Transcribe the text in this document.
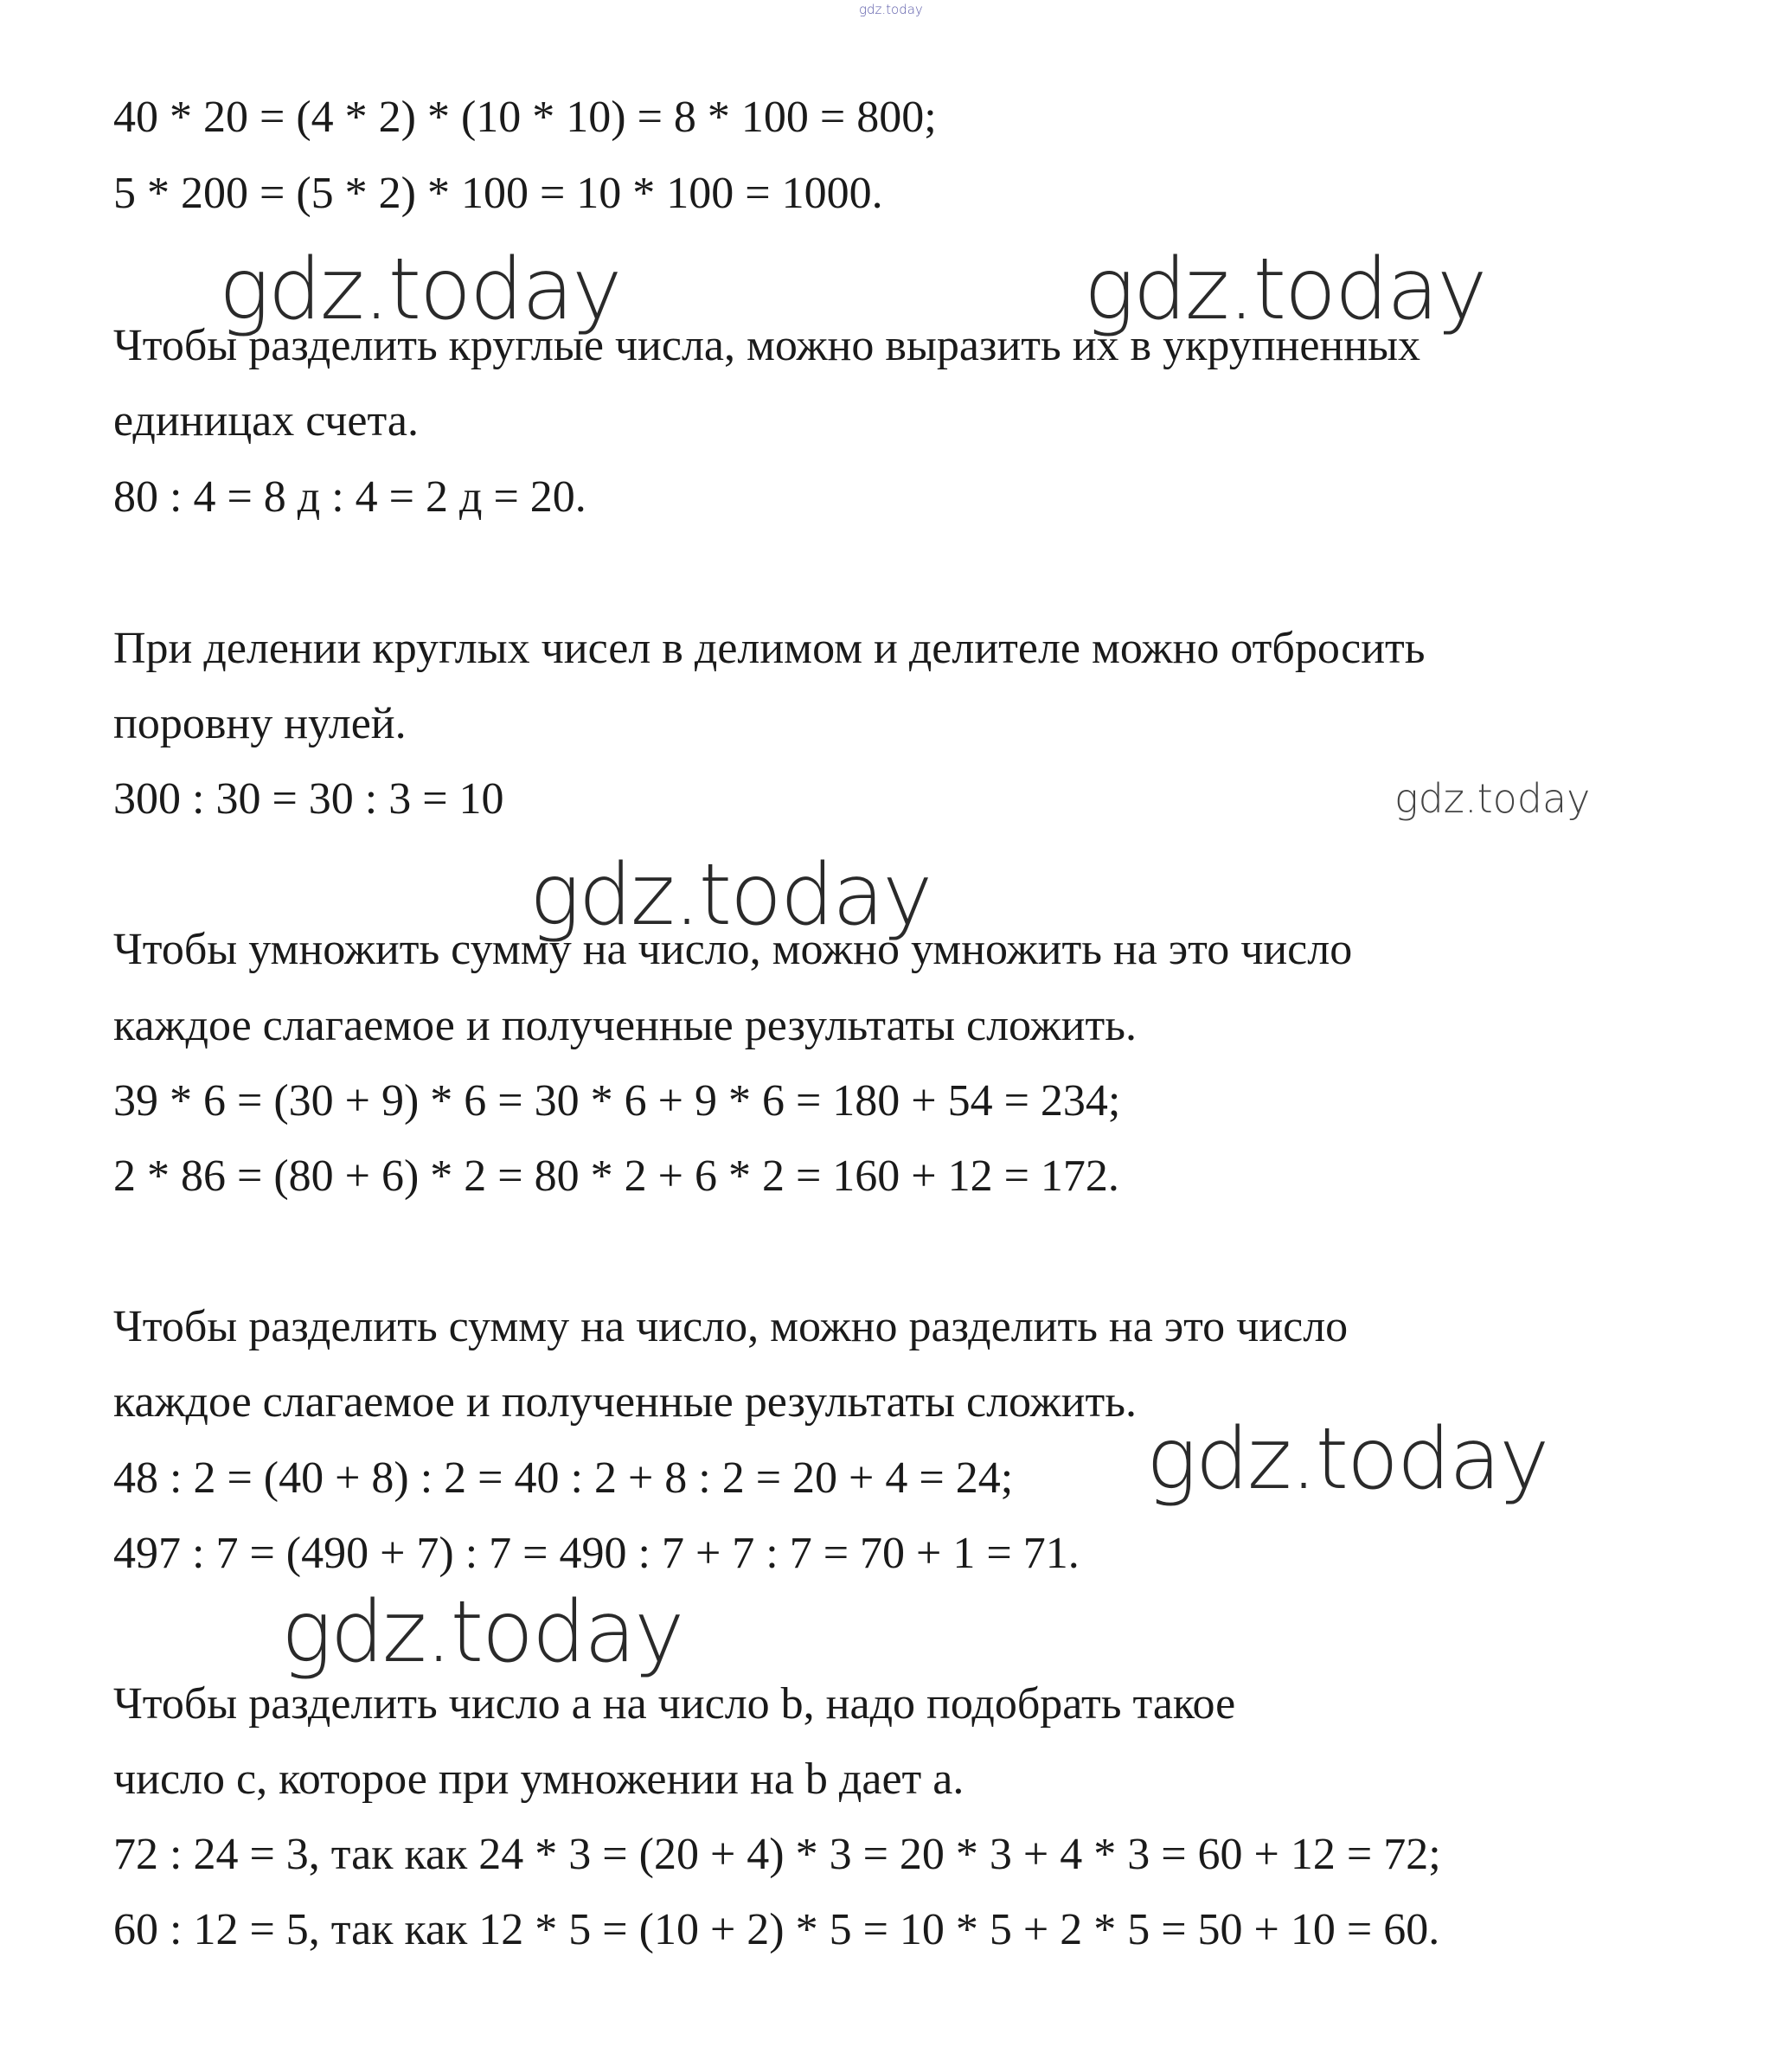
gdz.today

40 * 20 = (4 * 2) * (10 * 10) = 8 * 100 = 800;

5 * 200 = (5 * 2) * 100 = 10 * 100 = 1000.

gdz.today	gdz.today

Чтобы разделить круглые числа, можно выразить их в укрупненных

единицах счета.

80 : 4 = 8 д : 4 = 2 д = 20.

При делении круглых чисел в делимом и делителе можно отбросить

поровну нулей.

300 : 30 = 30 : 3 = 10	gdz.today
gdz.today

Чтобы умножить сумму на число, можно умножить на это число

каждое слагаемое и полученные результаты сложить.

39 * 6 = (30 + 9) * 6 = 30 * 6 + 9 * 6 = 180 + 54 = 234;

2 * 86 = (80 + 6) * 2 = 80 * 2 + 6 * 2 = 160 + 12 = 172.

Чтобы разделить сумму на число, можно разделить на это число

каждое слагаемое и полученные результаты сложить.

48 : 2 = (40 + 8) : 2 = 40 : 2 + 8 : 2 = 20 + 4 = 24; gdz.today

497 : 7 = (490 + 7) : 7 = 490 : 7 + 7 : 7 = 70 + 1 = 71.

gdz.today

Чтобы разделить число а на число b, надо подобрать такое

число с, которое при умножении на b дает а.

72 : 24 = 3, так как 24 * 3 = (20 + 4) * 3 = 20 * 3 + 4 * 3 = 60 + 12 = 72;

60 : 12 = 5, так как 12 * 5 = (10 + 2) * 5 = 10 * 5 + 2 * 5 = 50 + 10 = 60.
